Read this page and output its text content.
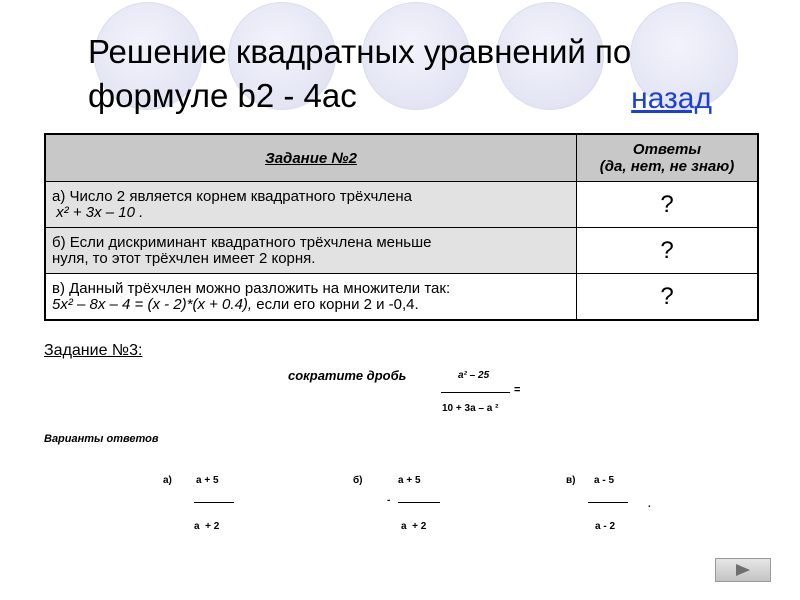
Решение квадратных уравнений по формуле b2 - 4ac	назад
Задание №2	Ответы
(да, нет, не знаю)

а) Число 2 является корнем квадратного трёхчлена
x² + 3x – 10 .	?

б) Если дискриминант квадратного трёхчлена меньше
нуля, то этот трёхчлен имеет 2 корня.	?

в) Данный трёхчлен можно разложить на множители так:
5x² – 8x – 4 = (x - 2)*(x + 0.4), если его корни 2 и -0,4.	?
Задание №3:
сократите дробь	a² – 25
=
10 + 3a – a ²
Варианты ответов
а) a + 5
a  + 2
б)	a + 5
-
a  + 2
в) a - 5
.
a - 2
